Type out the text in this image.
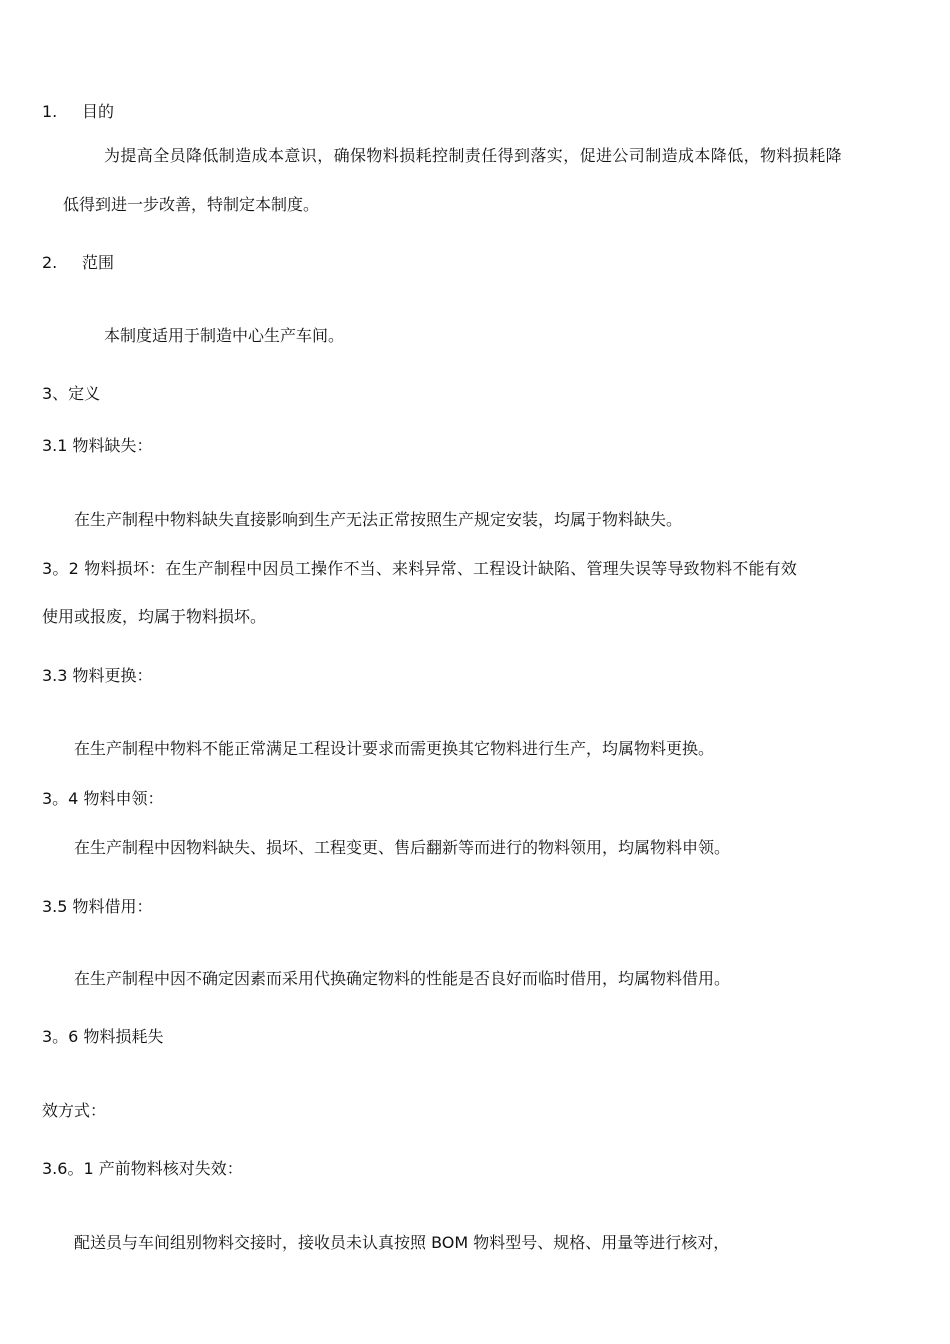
1. 目的
为提高全员降低制造成本意识，确保物料损耗控制责任得到落实，促进公司制造成本降低，物料损耗降
低得到进一步改善，特制定本制度。
2. 范围
本制度适用于制造中心生产车间。
3、定义
3.1 物料缺失：
在生产制程中物料缺失直接影响到生产无法正常按照生产规定安装，均属于物料缺失。
3。2 物料损坏：在生产制程中因员工操作不当、来料异常、工程设计缺陷、管理失误等导致物料不能有效
使用或报废，均属于物料损坏。
3.3 物料更换：
在生产制程中物料不能正常满足工程设计要求而需更换其它物料进行生产，均属物料更换。
3。4 物料申领：
在生产制程中因物料缺失、损坏、工程变更、售后翻新等而进行的物料领用，均属物料申领。
3.5 物料借用：
在生产制程中因不确定因素而采用代换确定物料的性能是否良好而临时借用，均属物料借用。
3。6 物料损耗失
效方式：
3.6。1 产前物料核对失效：
配送员与车间组别物料交接时，接收员未认真按照 BOM 物料型号、规格、用量等进行核对，
